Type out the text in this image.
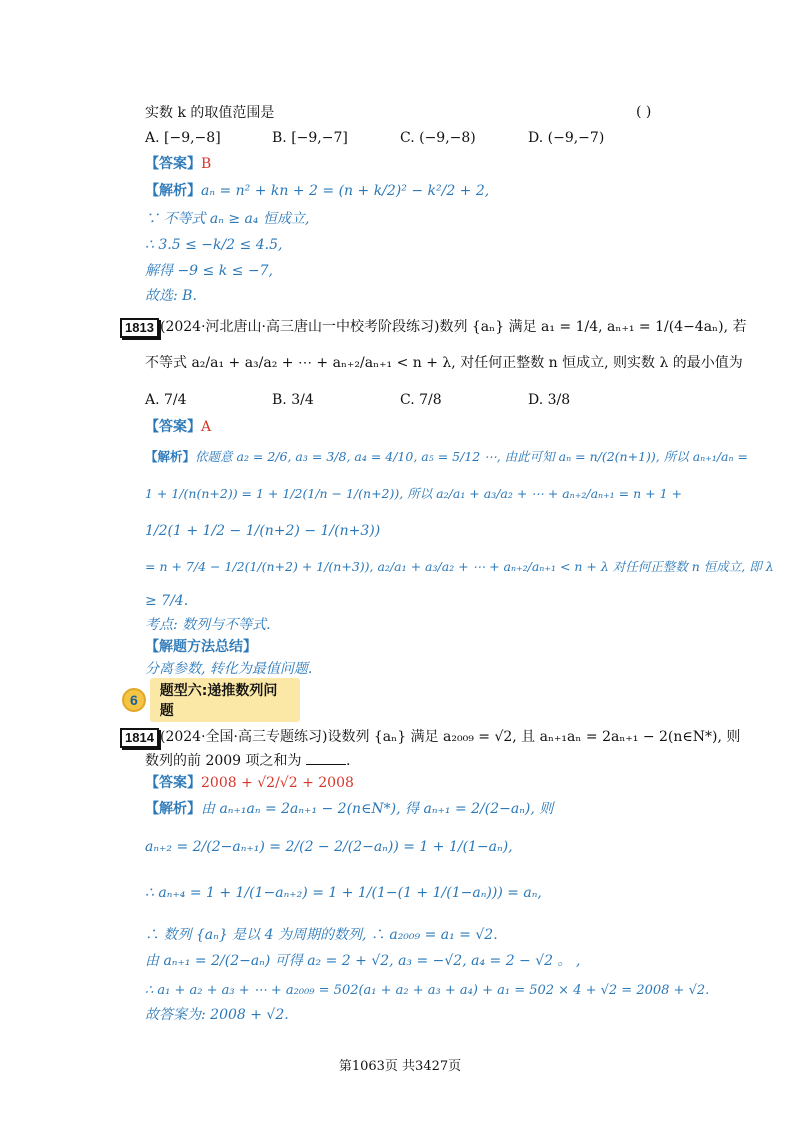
实数 k 的取值范围是	( )
A. [−9,−8]	B. [−9,−7]	C. (−9,−8)	D. (−9,−7)
【答案】B
【解析】aₙ = n² + kn + 2 = (n + k/2)² − k²/2 + 2,
∵ 不等式 aₙ ≥ a₄ 恒成立,
∴ 3.5 ≤ −k/2 ≤ 4.5,
解得 −9 ≤ k ≤ −7,
故选: B.
1813 (2024·河北唐山·高三唐山一中校考阶段练习)数列 {aₙ} 满足 a₁ = 1/4, aₙ₊₁ = 1/(4−4aₙ), 若
不等式 a₂/a₁ + a₃/a₂ + ⋯ + aₙ₊₂/aₙ₊₁ < n + λ, 对任何正整数 n 恒成立, 则实数 λ 的最小值为
A. 7/4	B. 3/4	C. 7/8	D. 3/8
【答案】A
【解析】依题意 a₂ = 2/6, a₃ = 3/8, a₄ = 4/10, a₅ = 5/12 ⋯, 由此可知 aₙ = n/(2(n+1)), 所以 aₙ₊₁/aₙ =
1 + 1/(n(n+2)) = 1 + 1/2(1/n − 1/(n+2)), 所以 a₂/a₁ + a₃/a₂ + ⋯ + aₙ₊₂/aₙ₊₁ = n + 1 +
1/2(1 + 1/2 − 1/(n+2) − 1/(n+3))
= n + 7/4 − 1/2(1/(n+2) + 1/(n+3)), a₂/a₁ + a₃/a₂ + ⋯ + aₙ₊₂/aₙ₊₁ < n + λ 对任何正整数 n 恒成立, 即 λ
≥ 7/4.
考点: 数列与不等式.
【解题方法总结】
分离参数, 转化为最值问题.
6
题型六:递推数列问题
1814 (2024·全国·高三专题练习)设数列 {aₙ} 满足 a₂₀₀₉ = √2, 且 aₙ₊₁aₙ = 2aₙ₊₁ − 2(n∈N*), 则
数列的前 2009 项之和为	.
【答案】2008 + √2/√2 + 2008
【解析】由 aₙ₊₁aₙ = 2aₙ₊₁ − 2(n∈N*), 得 aₙ₊₁ = 2/(2−aₙ), 则
aₙ₊₂ = 2/(2−aₙ₊₁) = 2/(2 − 2/(2−aₙ)) = 1 + 1/(1−aₙ),
∴ aₙ₊₄ = 1 + 1/(1−aₙ₊₂) = 1 + 1/(1−(1 + 1/(1−aₙ))) = aₙ,
∴ 数列 {aₙ} 是以 4 为周期的数列, ∴ a₂₀₀₉ = a₁ = √2.
由 aₙ₊₁ = 2/(2−aₙ) 可得 a₂ = 2 + √2, a₃ = −√2, a₄ = 2 − √2 。 ,
∴ a₁ + a₂ + a₃ + ⋯ + a₂₀₀₉ = 502(a₁ + a₂ + a₃ + a₄) + a₁ = 502 × 4 + √2 = 2008 + √2.
故答案为: 2008 + √2.
第1063页 共3427页
